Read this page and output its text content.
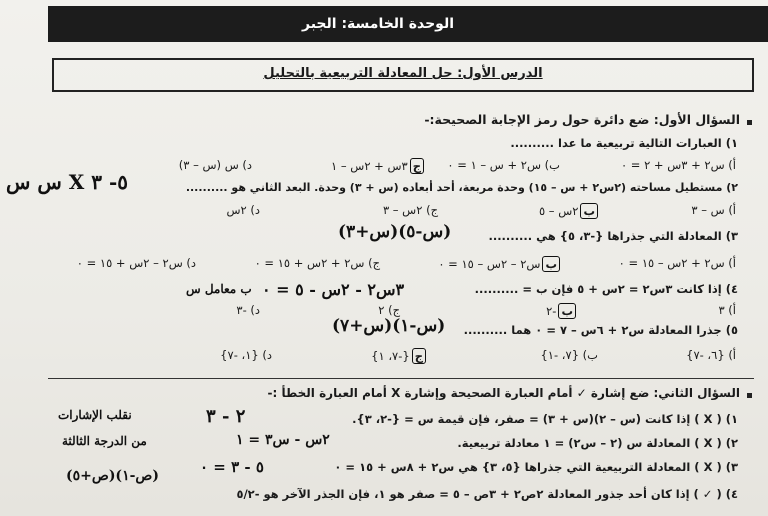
الوحدة الخامسة: الجبر
الدرس الأول: حل المعادلة التربيعية بالتحليل
السؤال الأول: ضع دائرة حول رمز الإجابة الصحيحة:-
١) العبارات التالية تربيعية ما عدا ..........
أ) س٢ + ٣س + ٢ = ٠
ب) س٢ + س – ١ = ٠
ج٣س + ٢س – ١
د) س (س – ٣)
٢) مستطيل مساحته (٢س٢ + س – ١٥) وحدة مربعة، أحد أبعاده (س + ٣) وحدة. البعد الثاني هو ..........
أ) س – ٣
ب٢س – ٥
ج) ٢س – ٣
د) ٢س
٣) المعادلة التي جذراها {-٣، ٥} هي ..........
أ) س٢ + ٢س – ١٥ = ٠
بس٢ – ٢س – ١٥ = ٠
ج) س٢ + ٢س + ١٥ = ٠
د) س٢ – ٢س + ١٥ = ٠
٤) إذا كانت ٣س٢ = ٢س + ٥ فإن ب = ..........
أ) ٣
ب-٢
ج) ٢
د) -٣
٥) جذرا المعادلة س٢ + ٦س – ٧ = ٠ هما ..........
أ) {٦، -٧}
ب) {٧، -١}
ج{-٧، ١}
د) {١، -٧}
السؤال الثاني: ضع إشارة ✓ أمام العبارة الصحيحة وإشارة X أمام العبارة الخطأ :-
١) ( X ) إذا كانت (س – ٢)(س + ٣) = صفر، فإن قيمة س = {-٢، ٣}.
٢) ( X ) المعادلة س (٢ – س٢) = ١ معادلة تربيعية.
٣) ( X ) المعادلة التربيعية التي جذراها {٥، ٣} هي س٢ + ٨س + ١٥ = ٠
٤) ( ✓ ) إذا كان أحد جذور المعادلة ٢ص٢ + ٣ص – ٥ = صفر هو ١، فإن الجذر الآخر هو -٥/٢
٥- ٣ X س س
(س+٣)(س-٥)
٣س٢ - ٢س - ٥ = ٠
ب معامل س
(س+٧)(س-١)
٢ - ٣
نقلب الإشارات
٢س - س٣ = ١
من الدرجة الثالثة
٥ - ٣ = ٠
(ص+٥)(ص-١)
